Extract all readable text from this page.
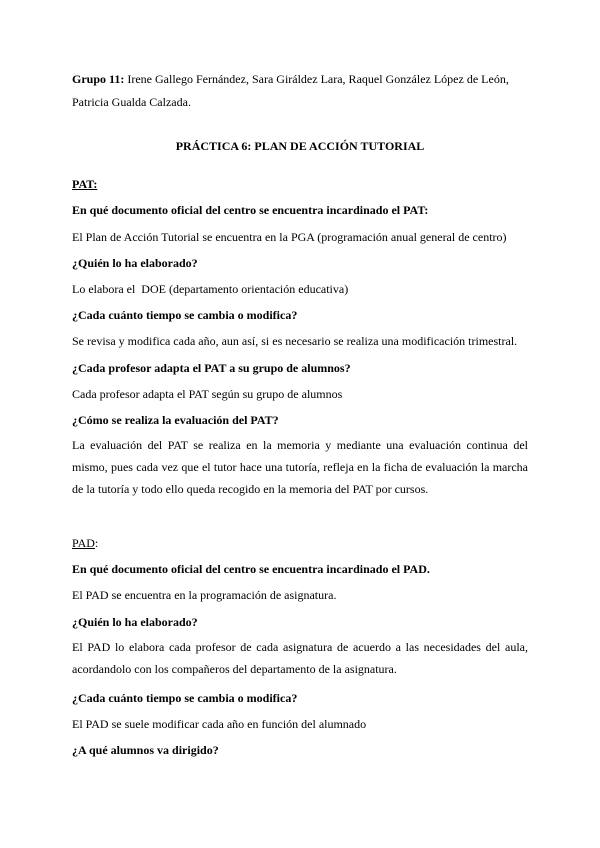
Grupo 11: Irene Gallego Fernández, Sara Giráldez Lara, Raquel González López de León, Patricia Gualda Calzada.

PRÁCTICA 6: PLAN DE ACCIÓN TUTORIAL

PAT:

En qué documento oficial del centro se encuentra incardinado el PAT:

El Plan de Acción Tutorial se encuentra en la PGA (programación anual general de centro)

¿Quién lo ha elaborado?

Lo elabora el  DOE (departamento orientación educativa)

¿Cada cuánto tiempo se cambia o modifica?

Se revisa y modifica cada año, aun así, si es necesario se realiza una modificación trimestral.

¿Cada profesor adapta el PAT a su grupo de alumnos?

Cada profesor adapta el PAT según su grupo de alumnos

¿Cómo se realiza la evaluación del PAT?

La evaluación del PAT se realiza en la memoria y mediante una evaluación continua del mismo, pues cada vez que el tutor hace una tutoría, refleja en la ficha de evaluación la marcha de la tutoría y todo ello queda recogido en la memoria del PAT por cursos.

PAD:

En qué documento oficial del centro se encuentra incardinado el PAD.

El PAD se encuentra en la programación de asignatura.

¿Quién lo ha elaborado?

El PAD lo elabora cada profesor de cada asignatura de acuerdo a las necesidades del aula, acordandolo con los compañeros del departamento de la asignatura.

¿Cada cuánto tiempo se cambia o modifica?

El PAD se suele modificar cada año en función del alumnado

¿A qué alumnos va dirigido?
